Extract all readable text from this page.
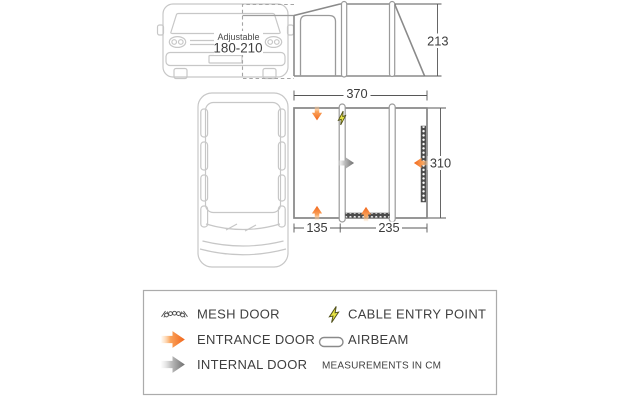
Adjustable
180-210	213
370
310
135	235
MESH DOOR
ENTRANCE DOOR
INTERNAL DOOR
CABLE ENTRY POINT
AIRBEAM
MEASUREMENTS IN CM
